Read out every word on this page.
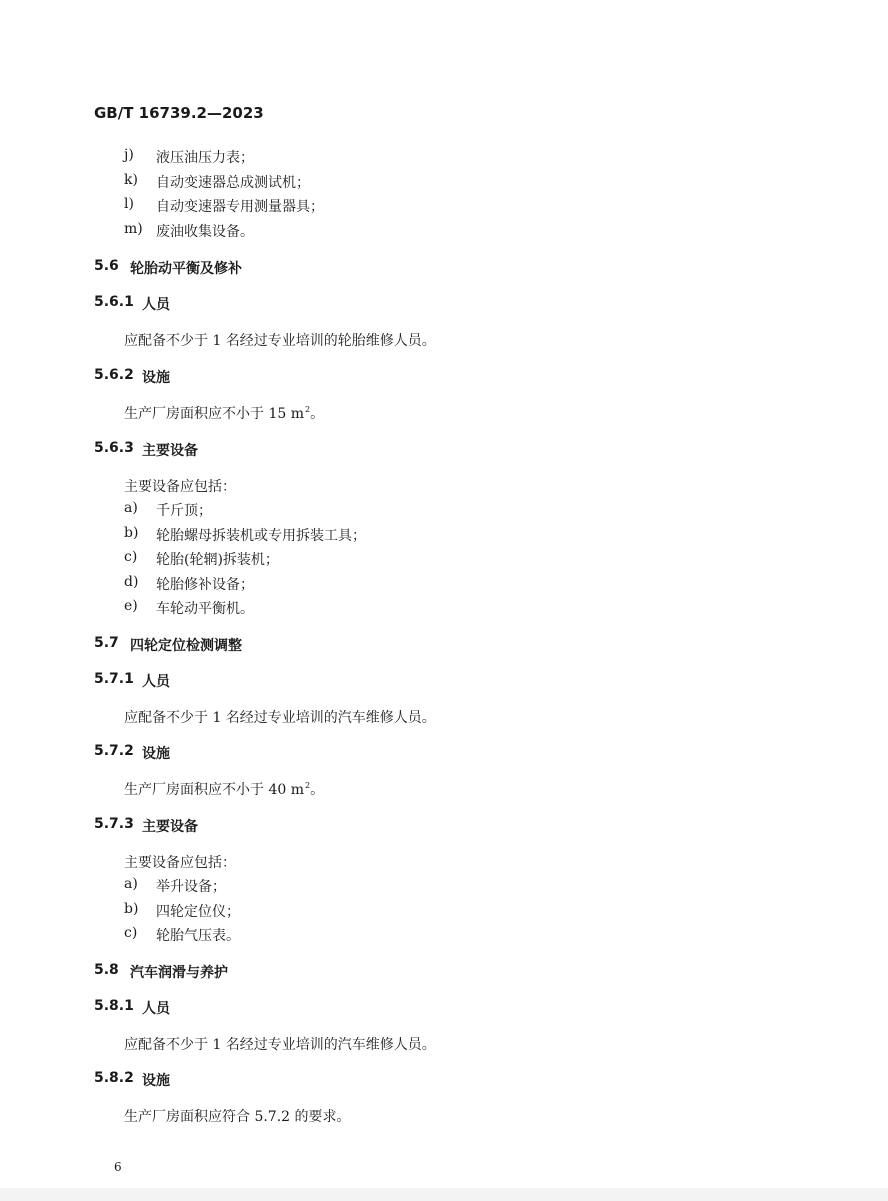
GB/T 16739.2—2023
j) 液压油压力表；
k) 自动变速器总成测试机；
l) 自动变速器专用测量器具；
m) 废油收集设备。
5.6 轮胎动平衡及修补
5.6.1 人员
应配备不少于 1 名经过专业培训的轮胎维修人员。
5.6.2 设施
生产厂房面积应不小于 15 $m^2$。
5.6.3 主要设备
主要设备应包括：
a) 千斤顶；
b) 轮胎螺母拆装机或专用拆装工具；
c) 轮胎(轮辋)拆装机；
d) 轮胎修补设备；
e) 车轮动平衡机。
5.7 四轮定位检测调整
5.7.1 人员
应配备不少于 1 名经过专业培训的汽车维修人员。
5.7.2 设施
生产厂房面积应不小于 40 $m^2$。
5.7.3 主要设备
主要设备应包括：
a) 举升设备；
b) 四轮定位仪；
c) 轮胎气压表。
5.8 汽车润滑与养护
5.8.1 人员
应配备不少于 1 名经过专业培训的汽车维修人员。
5.8.2 设施
生产厂房面积应符合 5.7.2 的要求。
6
